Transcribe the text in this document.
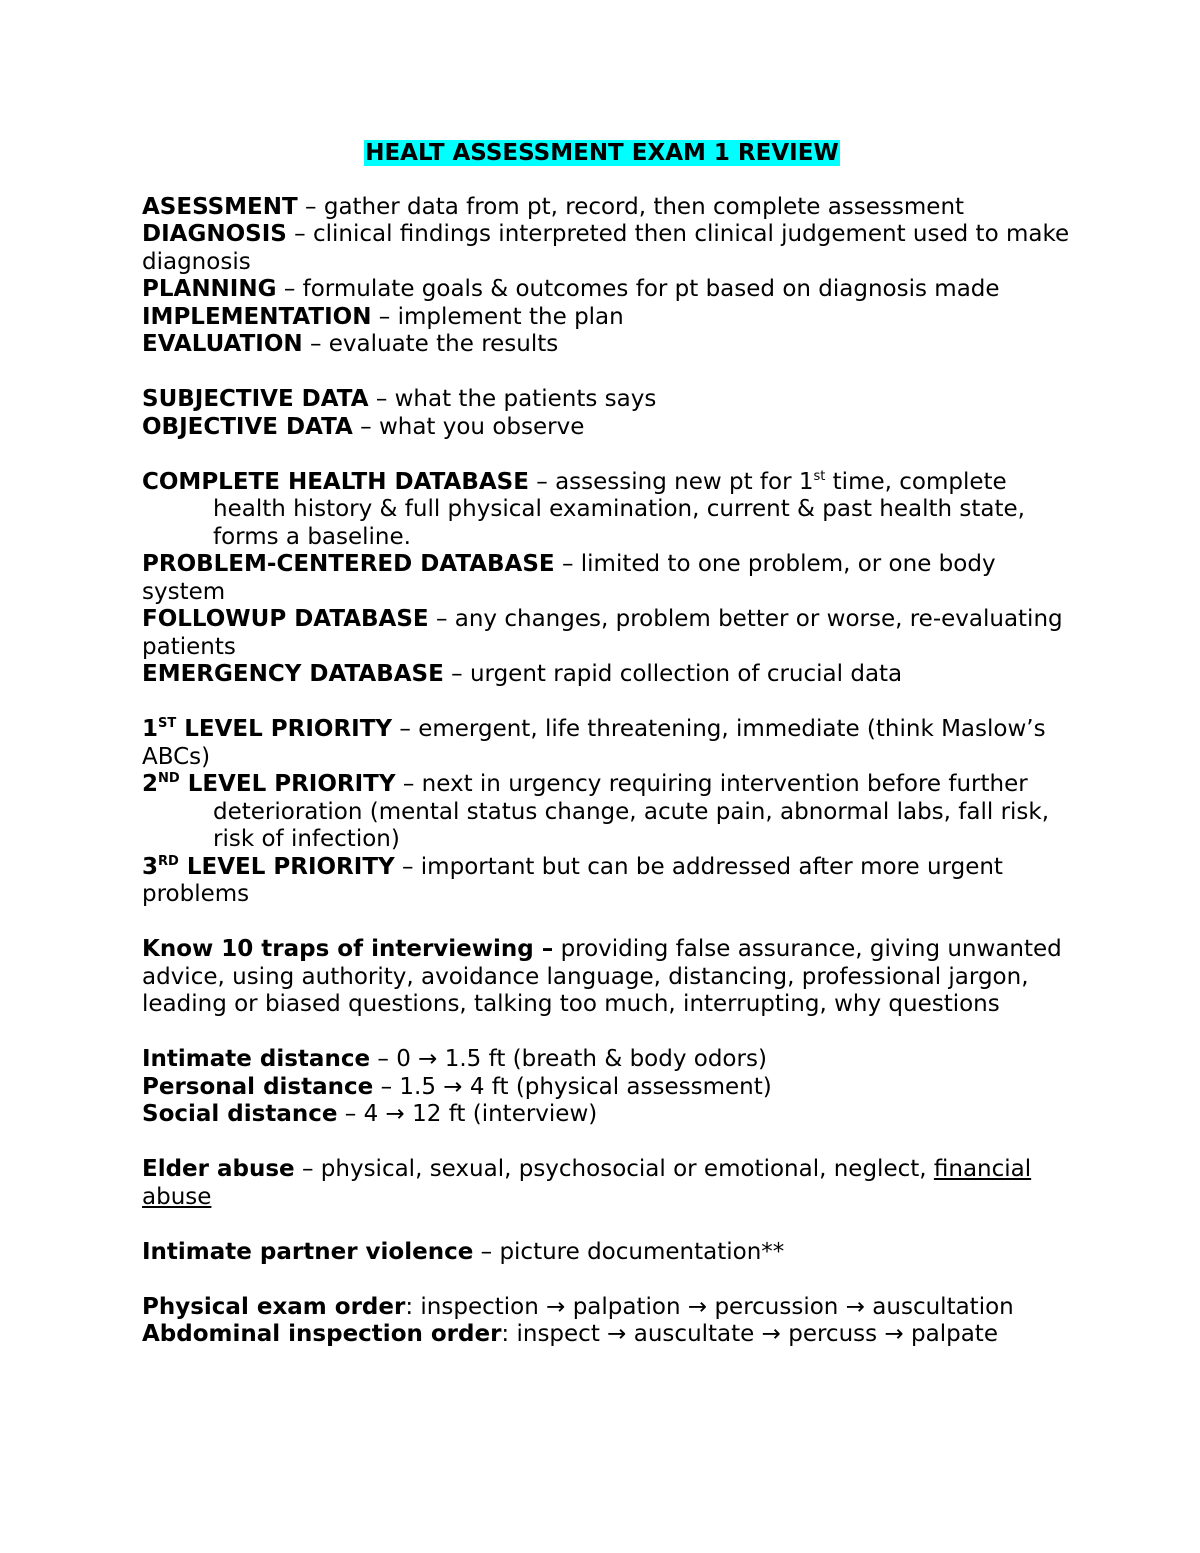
HEALT ASSESSMENT EXAM 1 REVIEW

ASESSMENT – gather data from pt, record, then complete assessment

DIAGNOSIS – clinical findings interpreted then clinical judgement used to make diagnosis

PLANNING – formulate goals & outcomes for pt based on diagnosis made

IMPLEMENTATION – implement the plan

EVALUATION – evaluate the results

SUBJECTIVE DATA – what the patients says

OBJECTIVE DATA – what you observe

COMPLETE HEALTH DATABASE – assessing new pt for 1st time, complete health history & full physical examination, current & past health state, forms a baseline.

PROBLEM-CENTERED DATABASE – limited to one problem, or one body system

FOLLOWUP DATABASE – any changes, problem better or worse, re-evaluating patients

EMERGENCY DATABASE – urgent rapid collection of crucial data

1ST LEVEL PRIORITY – emergent, life threatening, immediate (think Maslow’s ABCs)

2ND LEVEL PRIORITY – next in urgency requiring intervention before further deterioration (mental status change, acute pain, abnormal labs, fall risk, risk of infection)

3RD LEVEL PRIORITY – important but can be addressed after more urgent problems

Know 10 traps of interviewing – providing false assurance, giving unwanted advice, using authority, avoidance language, distancing, professional jargon, leading or biased questions, talking too much, interrupting, why questions

Intimate distance – 0 → 1.5 ft (breath & body odors)

Personal distance – 1.5 → 4 ft (physical assessment)

Social distance – 4 → 12 ft (interview)

Elder abuse – physical, sexual, psychosocial or emotional, neglect, financial abuse

Intimate partner violence – picture documentation**

Physical exam order: inspection → palpation → percussion → auscultation

Abdominal inspection order: inspect → auscultate → percuss → palpate
